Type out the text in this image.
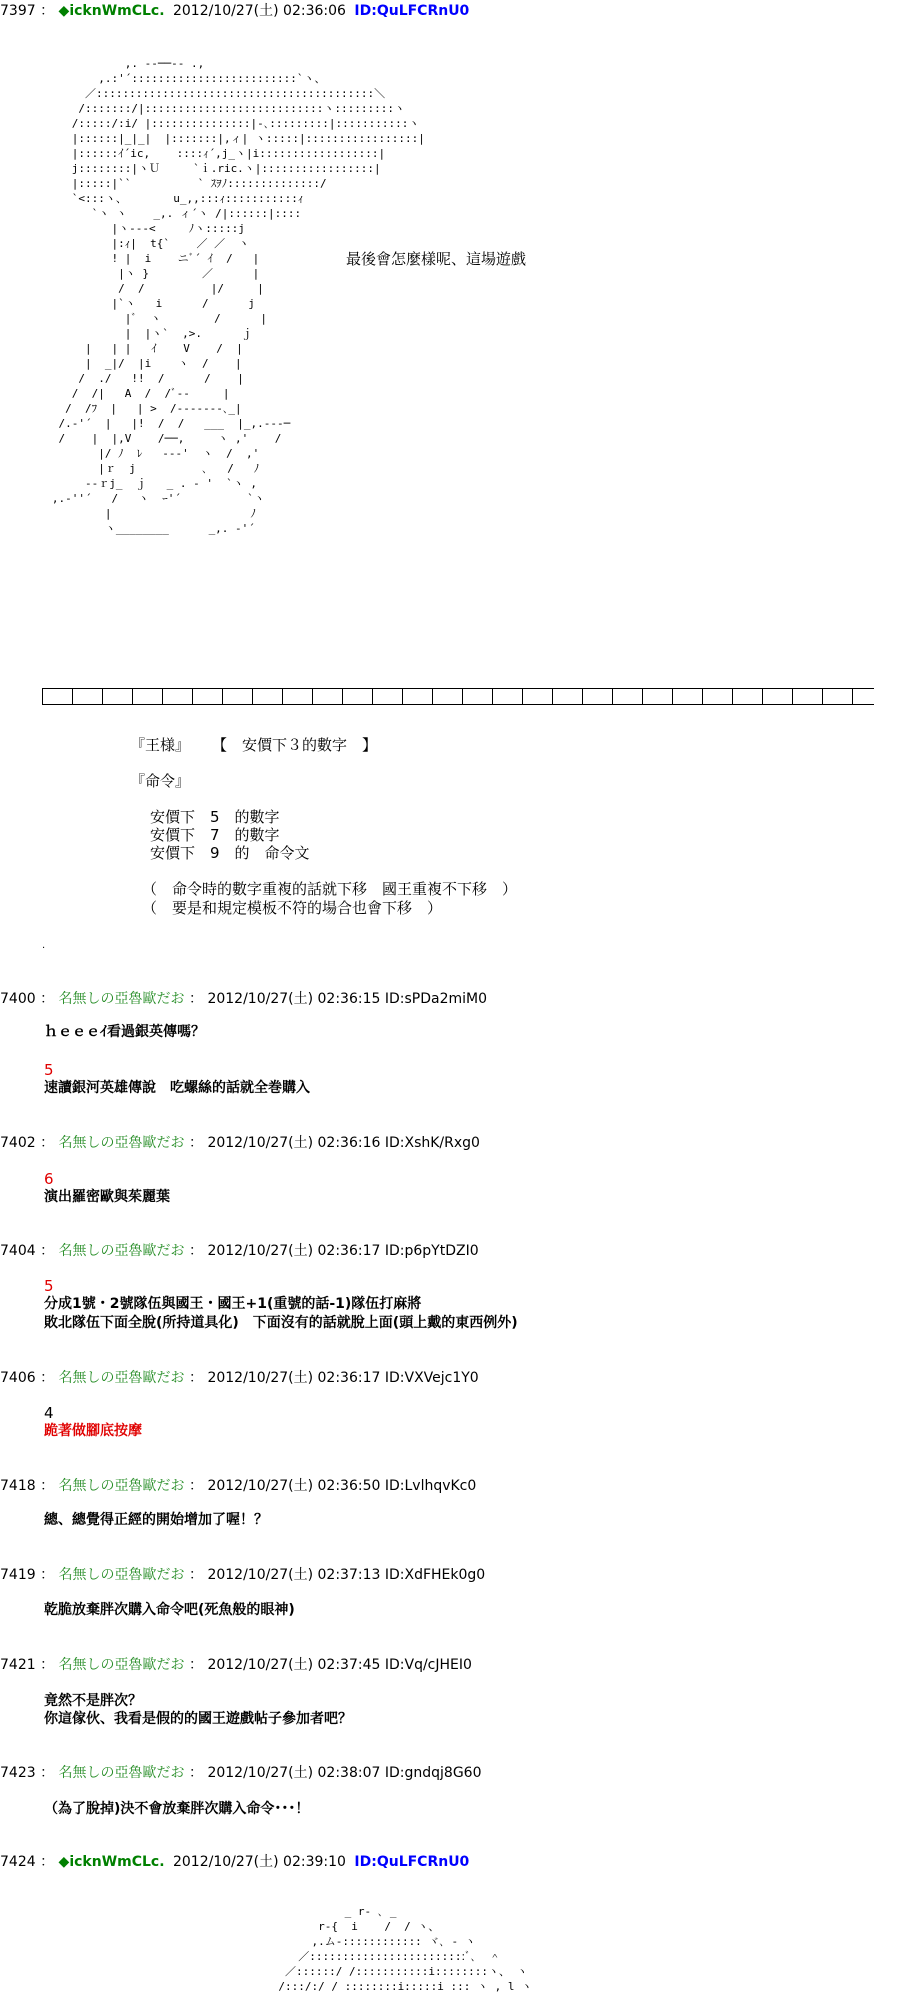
7397 ： ◆icknWmCLc. 2012/10/27(土) 02:36:06 ID:QuLFCRnU0
,. -‐──‐- .,
,.:'´:::::::::::::::::::::::::`ヽ、
／::::::::::::::::::::::::::::::::::::::::::＼
/:::::::/|:::::::::::::::::::::::::::ヽ:::::::::ヽ
/:::::/:i/ |:::::::::::::::|-､:::::::::|:::::::::::ヽ
|::::::|_|_|  |:::::::|,ィ| ヽ:::::|:::::::::::::::::|
|::::::ｲ´ic,    ::::ｨ´,j_ヽ|i::::::::::::::::::|
j::::::::|ヽＵ     `ｉ.ric.ヽ|:::::::::::::::::|
|:::::|``          ` ｽｦﾉ::::::::::::::/
`<:::ヽ、       u_,,:::ｨ:::::::::::ｨ
`ヽ ヽ    _,. ィ´ヽ /|::::::|::::
|ヽ---<     ﾉヽ:::::j
|:ｨ|  t{`    ／ ／  ヽ
! |  i    ニﾞ´ ｲ  /   |
|ヽ }        ／      |
/  /          |/     |
|`ヽ   i      /      j
|ﾞ  ヽ        /      |
|  |ヽ`  ,>.      ｊ
|   | |   ｲ    V    /  |
|  _|/  |i    ヽ  /    |
/  ./   !!  /      /    |
/  /|   A  /  /ﾞ‐‐     |
/  /ﾌ  |   | >  /-‐‐‐‐‐-､_|
/.-'´  |   |!  /  /   ___  |_,.‐‐‐─
/    |  |,V    /──,     ヽ ,'    /
|/ ﾉ  ﾚ   ‐‐‐'  ヽ  /  ,'
|ｒ  j          ､   /   ﾉ
‐-ｒj_  ｊ   _ . ‐ '  `ヽ ,
,.‐''´   /   ヽ  ｰ'´          `ヽ
|                     ﾉ
ヽ________      _,. ‐'´
最後會怎麼樣呢、這場遊戲
『王様』 【　安價下３的數字　】
『命令』
安價下　5　的數字
安價下　7　的數字
安價下　9　的　命令文
（　命令時的數字重複的話就下移　國王重複不下移　）
（　要是和規定模板不符的場合也會下移　）
.
7400 ： 名無しの亞魯歐だお ： 2012/10/27(土) 02:36:15 ID:sPDa2miM0
ｈｅｅｅｲ看過銀英傳嗎？
5
速讀銀河英雄傳說　吃螺絲的話就全巻購入
7402 ： 名無しの亞魯歐だお ： 2012/10/27(土) 02:36:16 ID:XshK/Rxg0
6
演出羅密歐與茱麗葉
7404 ： 名無しの亞魯歐だお ： 2012/10/27(土) 02:36:17 ID:p6pYtDZI0
5
分成1號・2號隊伍與國王・國王+1(重號的話-1)隊伍打麻將
敗北隊伍下面全脫(所持道具化)　下面沒有的話就脫上面(頭上戴的東西例外)
7406 ： 名無しの亞魯歐だお ： 2012/10/27(土) 02:36:17 ID:VXVejc1Y0
4
跪著做腳底按摩
7418 ： 名無しの亞魯歐だお ： 2012/10/27(土) 02:36:50 ID:LvlhqvKc0
總、總覺得正經的開始增加了喔！？
7419 ： 名無しの亞魯歐だお ： 2012/10/27(土) 02:37:13 ID:XdFHEk0g0
乾脆放棄胖次購入命令吧(死魚般的眼神)
7421 ： 名無しの亞魯歐だお ： 2012/10/27(土) 02:37:45 ID:Vq/cJHEI0
竟然不是胖次？
你這傢伙、我看是假的的國王遊戲帖子參加者吧？
7423 ： 名無しの亞魯歐だお ： 2012/10/27(土) 02:38:07 ID:gndqj8G60
（為了脫掉)決不會放棄胖次購入命令･･･！
7424 ： ◆icknWmCLc. 2012/10/27(土) 02:39:10 ID:QuLFCRnU0
_ r‐ ､ _
r‐{  i    /  / ヽ、
,.ム‐:::::::::::: ヾ､ - ヽ
／::::::::::::::::::::::::ﾞ､  ＾
／::::::/ /:::::::::::i::::::::ヽ、 ヽ
/:::/:/ / ::::::::i:::::i ::: ヽ , l ヽ
